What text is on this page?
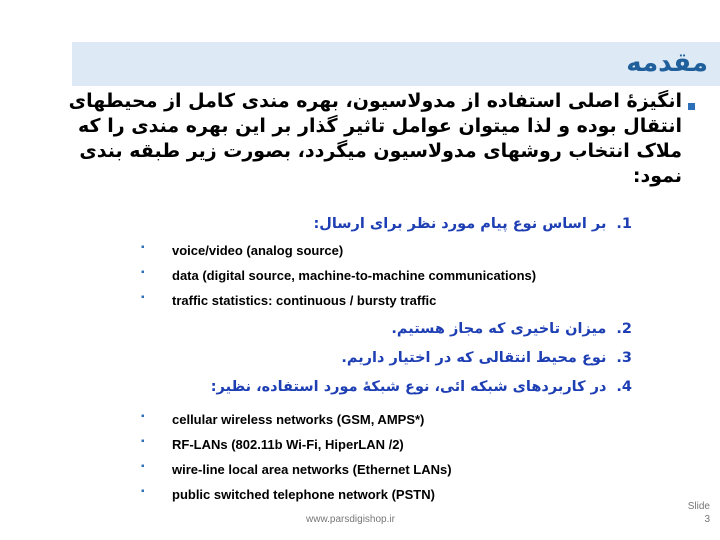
مقدمه

انگیزۀ اصلی استفاده از مدولاسیون، بهره مندی کامل از محیطهای انتقال بوده و لذا میتوان عوامل تاثیر گذار بر این بهره مندی را که ملاک انتخاب روشهای مدولاسیون میگردد، بصورت زیر طبقه بندی نمود:

1.بر اساس نوع پیام مورد نظر برای ارسال:
▪ voice/video (analog source)
▪ data (digital source, machine-to-machine communications)
▪ traffic statistics: continuous / bursty traffic
2.میزان تاخیری که مجاز هستیم.
3.نوع محیط انتقالی که در اختیار داریم.
4.در کاربردهای شبکه ائی، نوع شبکۀ مورد استفاده، نظیر:
▪ cellular wireless networks (GSM, AMPS*)
▪ RF-LANs (802.11b Wi-Fi, HiperLAN /2)
▪ wire-line local area networks (Ethernet LANs)
▪ public switched telephone network (PSTN)
www.parsdigishop.ir
Slide
3
